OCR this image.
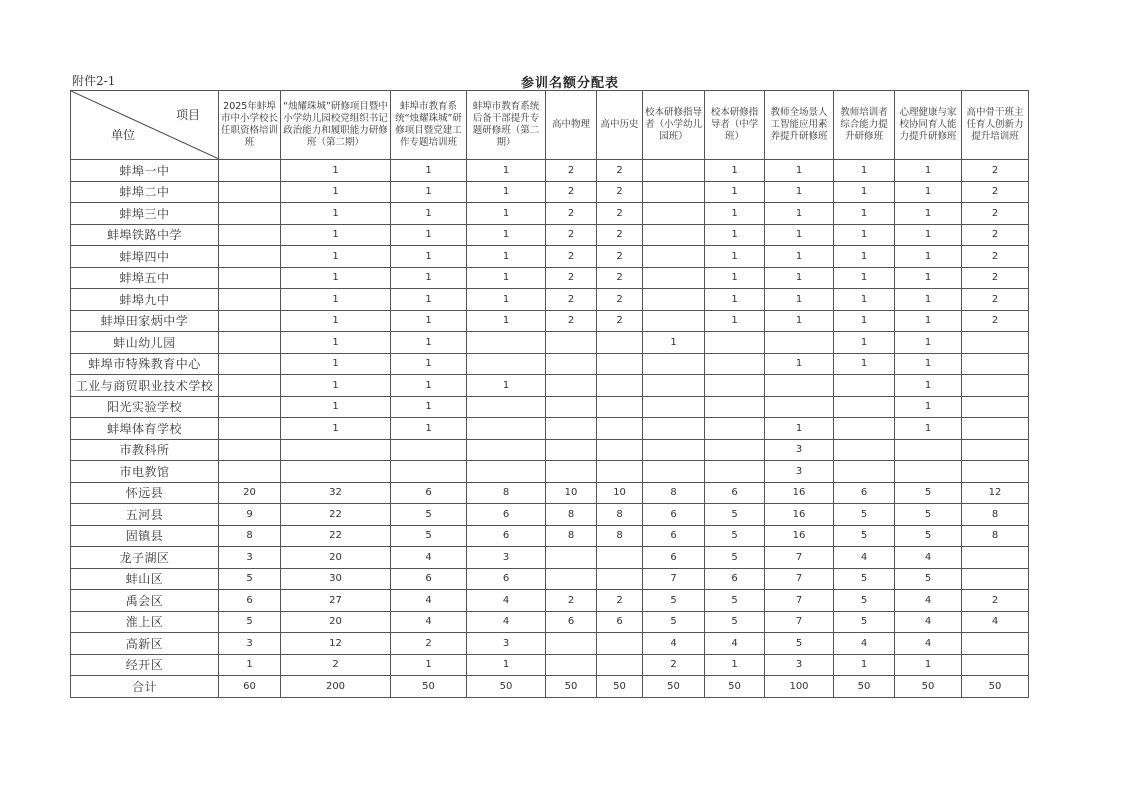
附件2-1	参训名额分配表
项目
单位	2025年蚌埠市中小学校长任职资格培训班	“烛耀珠城”研修项目暨中小学幼儿园校党组织书记政治能力和履职能力研修班（第二期）	蚌埠市教育系统“烛耀珠城”研修项目暨党建工作专题培训班	蚌埠市教育系统后备干部提升专题研修班（第二期）	高中物理	高中历史	校本研修指导者（小学幼儿园班）	校本研修指导者（中学班）	教师全场景人工智能应用素养提升研修班	教师培训者综合能力提升研修班	心理健康与家校协同育人能力提升研修班	高中骨干班主任育人创新力提升培训班
蚌埠一中		1	1	1	2	2		1	1	1	1	2
蚌埠二中		1	1	1	2	2		1	1	1	1	2
蚌埠三中		1	1	1	2	2		1	1	1	1	2
蚌埠铁路中学		1	1	1	2	2		1	1	1	1	2
蚌埠四中		1	1	1	2	2		1	1	1	1	2
蚌埠五中		1	1	1	2	2		1	1	1	1	2
蚌埠九中		1	1	1	2	2		1	1	1	1	2
蚌埠田家炳中学		1	1	1	2	2		1	1	1	1	2
蚌山幼儿园		1	1				1			1	1	
蚌埠市特殊教育中心		1	1						1	1	1	
工业与商贸职业技术学校		1	1	1							1	
阳光实验学校		1	1								1	
蚌埠体育学校		1	1						1		1	
市教科所									3			
市电教馆									3			
怀远县	20	32	6	8	10	10	8	6	16	6	5	12
五河县	9	22	5	6	8	8	6	5	16	5	5	8
固镇县	8	22	5	6	8	8	6	5	16	5	5	8
龙子湖区	3	20	4	3			6	5	7	4	4	
蚌山区	5	30	6	6			7	6	7	5	5	
禹会区	6	27	4	4	2	2	5	5	7	5	4	2
淮上区	5	20	4	4	6	6	5	5	7	5	4	4
高新区	3	12	2	3			4	4	5	4	4	
经开区	1	2	1	1			2	1	3	1	1	
合计	60	200	50	50	50	50	50	50	100	50	50	50
